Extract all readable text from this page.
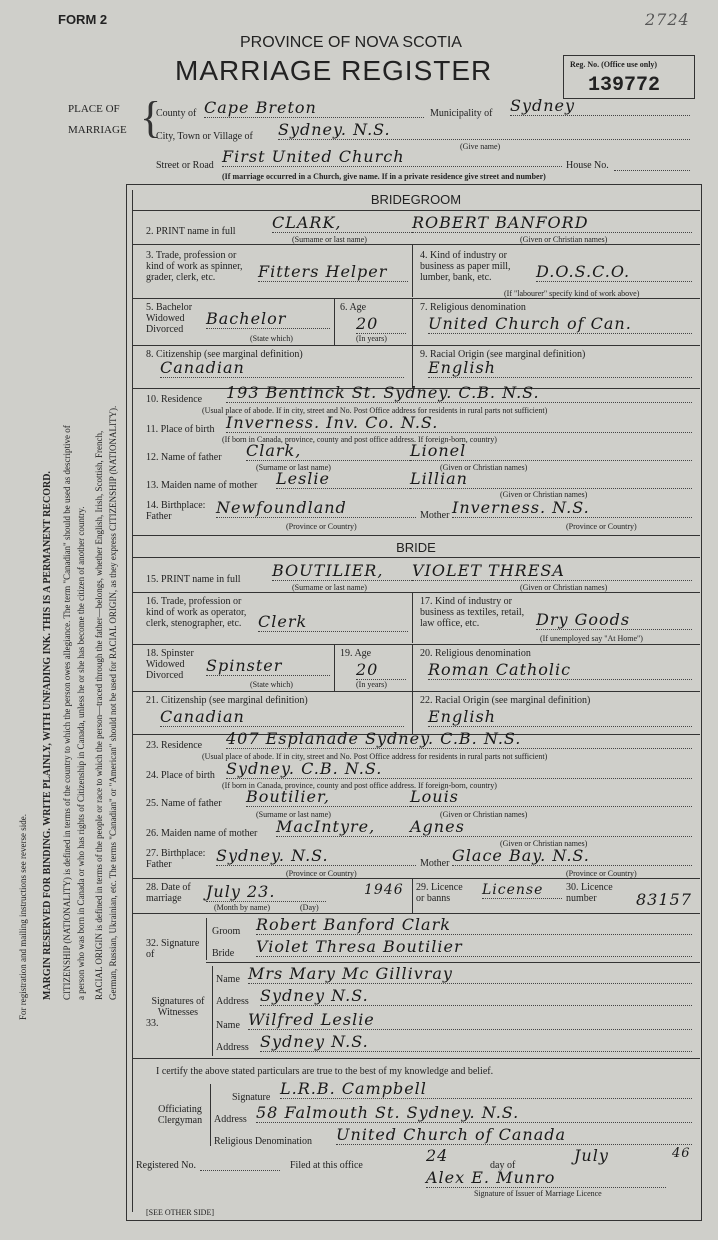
FORM 2	2724
PROVINCE OF NOVA SCOTIA
MARRIAGE REGISTER	Reg. No. (Office use only)
139772
PLACE OF
MARRIAGE {
County of Cape Breton	Municipality of Sydney
City, Town or Village of Sydney. N.S.
(Give name)
Street or Road First United Church	House No.
(If marriage occurred in a Church, give name. If in a private residence give street and number)
For registration and mailing instructions see reverse side. MARGIN RESERVED FOR BINDING. WRITE PLAINLY, WITH UNFADING INK. THIS IS A PERMANENT RECORD. CITIZENSHIP (NATIONALITY) is defined in terms of the country to which the person owes allegiance. The term "Canadian" should be used as descriptive of a person who was born in Canada or who has rights of Citizenship in Canada, unless he or she has become the citizen of another country. RACIAL ORIGIN is defined in terms of the people or race to which the person—traced through the father—belongs, whether English, Irish, Scottish, French, German, Russian, Ukrainian, etc. The terms "Canadian" or "American" should not be used for RACIAL ORIGIN, as they express CITIZENSHIP (NATIONALITY).
BRIDEGROOM
2. PRINT name in full CLARK,	ROBERT BANFORD
(Surname or last name)	(Given or Christian names)
3. Trade, profession or kind of work as spinner, grader, clerk, etc.	Fitters Helper
4. Kind of industry or business as paper mill, lumber, bank, etc.	D.O.S.C.O.
(If "labourer" specify kind of work above)
5. Bachelor Widowed Divorced
Bachelor
(State which)
6. Age
20
(In years)
7. Religious denomination
United Church of Can.
8. Citizenship (see marginal definition)
Canadian
9. Racial Origin (see marginal definition)
English
10. Residence 193 Bentinck St. Sydney. C.B. N.S.
(Usual place of abode. If in city, street and No. Post Office address for residents in rural parts not sufficient)
11. Place of birth Inverness. Inv. Co. N.S.
(If born in Canada, province, county and post office address. If foreign-born, country)
12. Name of father Clark,	Lionel
(Surname or last name)	(Given or Christian names)
13. Maiden name of mother Leslie	Lillian
(Given or Christian names)
14. Birthplace: Father	Newfoundland	Mother Inverness. N.S.
(Province or Country)	(Province or Country)
BRIDE
15. PRINT name in full BOUTILIER,	VIOLET THRESA
(Surname or last name)	(Given or Christian names)
16. Trade, profession or kind of work as operator, clerk, stenographer, etc.	Clerk
17. Kind of industry or business as textiles, retail, law office, etc.	Dry Goods
(If unemployed say "At Home")
18. Spinster Widowed Divorced
Spinster
(State which)
19. Age
20
(In years)
20. Religious denomination
Roman Catholic
21. Citizenship (see marginal definition)
Canadian
22. Racial Origin (see marginal definition)
English
23. Residence 407 Esplanade Sydney. C.B. N.S.
(Usual place of abode. If in city, street and No. Post Office address for residents in rural parts not sufficient)
24. Place of birth Sydney. C.B. N.S.
(If born in Canada, province, county and post office address. If foreign-born, country)
25. Name of father Boutilier,	Louis
(Surname or last name)	(Given or Christian names)
26. Maiden name of mother MacIntyre,	Agnes
(Given or Christian names)
27. Birthplace: Father	Sydney. N.S.	Mother Glace Bay. N.S.
(Province or Country)	(Province or Country)
28. Date of marriage	July 23.	1946
(Month by name)	(Day)
29. Licence or banns
License	30. Licence number	83157
32. Signature of
Groom Robert Banford Clark
Bride Violet Thresa Boutilier
33.
Signatures of Witnesses
Name Mrs Mary Mc Gillivray
Address Sydney N.S.
Name Wilfred Leslie
Address Sydney N.S.
I certify the above stated particulars are true to the best of my knowledge and belief.
Signature L.R.B. Campbell
Officiating Clergyman	Address 58 Falmouth St. Sydney. N.S.
Religious Denomination United Church of Canada
Registered No.	Filed at this office
24
day of
July	46
Alex E. Munro
Signature of Issuer of Marriage Licence
[SEE OTHER SIDE]
